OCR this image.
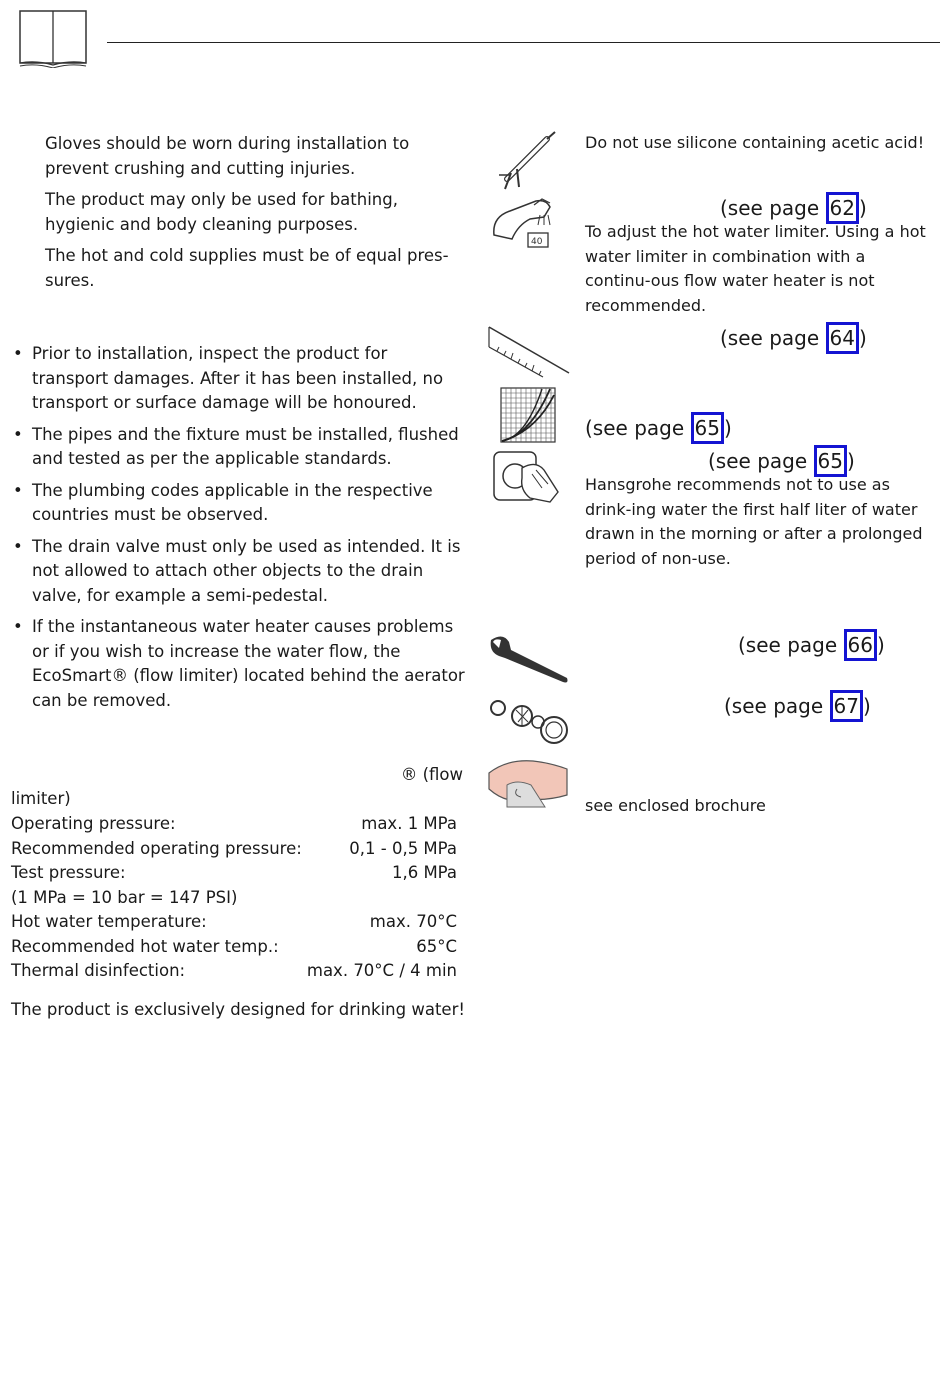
Gloves should be worn during installation to prevent crushing and cutting injuries.

The product may only be used for bathing, hygienic and body cleaning purposes.

The hot and cold supplies must be of equal pres-sures.

• Prior to installation, inspect the product for transport damages. After it has been installed, no transport or surface damage will be honoured.
• The pipes and the fixture must be installed, flushed and tested as per the applicable standards.
• The plumbing codes applicable in the respective countries must be observed.
• The drain valve must only be used as intended. It is not allowed to attach other objects to the drain valve, for example a semi-pedestal.
• If the instantaneous water heater causes problems or if you wish to increase the water flow, the EcoSmart® (flow limiter) located behind the aerator can be removed.
® (flow
limiter)
Operating pressure:	max. 1 MPa
Recommended operating pressure:	0,1 - 0,5 MPa
Test pressure:	1,6 MPa
(1 MPa = 10 bar = 147 PSI)
Hot water temperature:	max. 70°C
Recommended hot water temp.:	65°C
Thermal disinfection:	max. 70°C / 4 min
The product is exclusively designed for drinking water!
Do not use silicone containing acetic acid!
40
(see page 62 )
To adjust the hot water limiter. Using a hot water limiter in combination with a continu-ous flow water heater is not recommended.
(see page 64 )
(see page 65 )
(see page 65 )
Hansgrohe recommends not to use as drink-ing water the first half liter of water drawn in the morning or after a prolonged period of non-use.
(see page 66 )
(see page 67 )
see enclosed brochure
